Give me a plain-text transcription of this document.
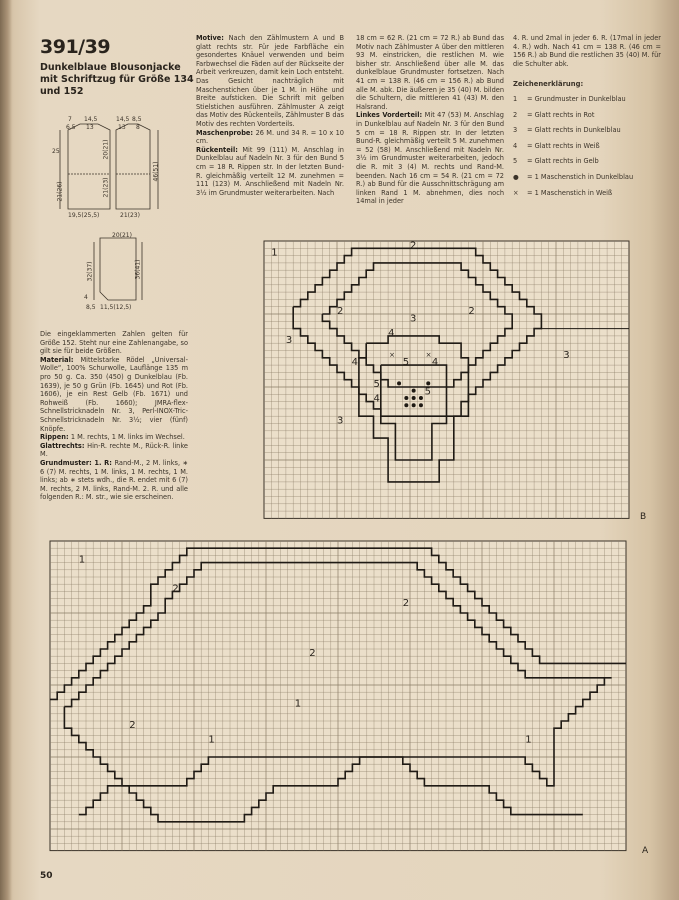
391/39
Dunkelblaue Blousonjacke mit Schriftzug für Größe 134 und 152
7
6,5
14,5
13
14,5
13
8,5
8
25	20(21)
21(23)
21(26)
46(51)
19,5(25,5)	21(23)
20(21)
32(37)	36(41)
4
8,5 11,5(12,5)

Die eingeklammerten Zahlen gelten für Größe 152. Steht nur eine Zahlenangabe, so gilt sie für beide Größen.

Material: Mittelstarke Rödel „Universal-Wolle“, 100% Schurwolle, Lauflänge 135 m pro 50 g. Ca. 350 (450) g Dunkelblau (Fb. 1639), je 50 g Grün (Fb. 1645) und Rot (Fb. 1606), je ein Rest Gelb (Fb. 1671) und Rohweiß (Fb. 1660); JMRA-flex-Schnellstricknadeln Nr. 3, Perl-INOX-Tric-Schnellstricknadeln Nr. 3½; vier (fünf) Knöpfe.

Rippen: 1 M. rechts, 1 M. links im Wechsel.

Glattrechts: Hin-R. rechte M., Rück-R. linke M.

Grundmuster: 1. R: Rand-M., 2 M. links, ∗ 6 (7) M. rechts, 1 M. links, 1 M. rechts, 1 M. links; ab ∗ stets wdh., die R. endet mit 6 (7) M. rechts, 2 M. links, Rand-M. 2. R. und alle folgenden R.: M. str., wie sie erscheinen.

Motive: Nach den Zählmustern A und B glatt rechts str. Für jede Farbfläche ein gesondertes Knäuel verwenden und beim Farbwechsel die Fäden auf der Rückseite der Arbeit verkreuzen, damit kein Loch entsteht. Das Gesicht nachträglich mit Maschenstichen über je 1 M. in Höhe und Breite aufsticken. Die Schrift mit gelben Stielstichen ausführen. Zählmuster A zeigt das Motiv des Rückenteils, Zählmuster B das Motiv des rechten Vorderteils.

Maschenprobe: 26 M. und 34 R. = 10 x 10 cm.

Rückenteil: Mit 99 (111) M. Anschlag in Dunkelblau auf Nadeln Nr. 3 für den Bund 5 cm = 18 R. Rippen str. In der letzten Bund-R. gleichmäßig verteilt 12 M. zunehmen = 111 (123) M. Anschließend mit Nadeln Nr. 3½ im Grundmuster weiterarbeiten. Nach

18 cm = 62 R. (21 cm = 72 R.) ab Bund das Motiv nach Zählmuster A über den mittleren 93 M. einstricken, die restlichen M. wie bisher str. Anschließend über alle M. das dunkelblaue Grundmuster fortsetzen. Nach 41 cm = 138 R. (46 cm = 156 R.) ab Bund alle M. abk. Die äußeren je 35 (40) M. bilden die Schultern, die mittleren 41 (43) M. den Halsrand.

Linkes Vorderteil: Mit 47 (53) M. Anschlag in Dunkelblau auf Nadeln Nr. 3 für den Bund 5 cm = 18 R. Rippen str. In der letzten Bund-R. gleichmäßig verteilt 5 M. zunehmen = 52 (58) M. Anschließend mit Nadeln Nr. 3½ im Grundmuster weiterarbeiten, jedoch die R. mit 3 (4) M. rechts und Rand-M. beenden. Nach 16 cm = 54 R. (21 cm = 72 R.) ab Bund für die Ausschnittschrägung am linken Rand 1 M. abnehmen, dies noch 14mal in jeder

4. R. und 2mal in jeder 6. R. (17mal in jeder 4. R.) wdh. Nach 41 cm = 138 R. (46 cm = 156 R.) ab Bund die restlichen 35 (40) M. für die Schulter abk.

Zeichenerklärung:
1	= Grundmuster in Dunkelblau
2	= Glatt rechts in Rot
3	= Glatt rechts in Dunkelblau
4	= Glatt rechts in Weiß
5	= Glatt rechts in Gelb
●	= 1 Maschenstich in Dunkelblau
×	= 1 Maschenstich in Weiß
×	×
1
2
2	2
3
3
3
3
4
4	4
4
5
5
5
B
1
1
1	1
2
2
2
2
A
50
